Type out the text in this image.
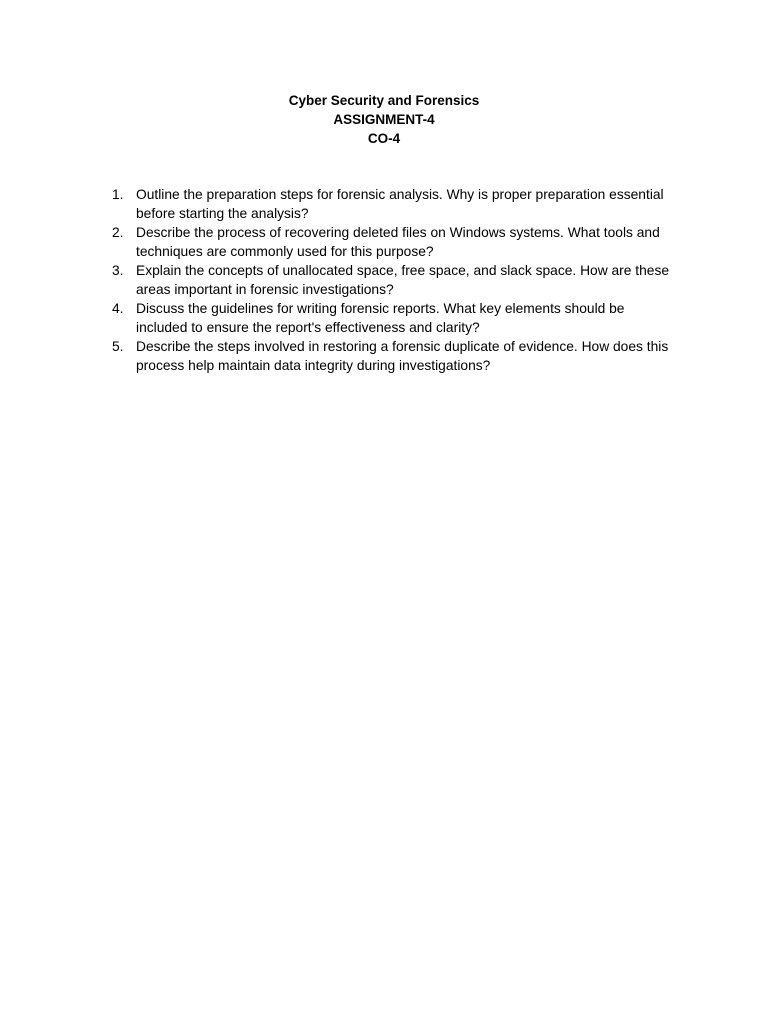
Cyber Security and Forensics
ASSIGNMENT-4
CO-4
1. Outline the preparation steps for forensic analysis. Why is proper preparation essential before starting the analysis?
2. Describe the process of recovering deleted files on Windows systems. What tools and techniques are commonly used for this purpose?
3. Explain the concepts of unallocated space, free space, and slack space. How are these areas important in forensic investigations?
4. Discuss the guidelines for writing forensic reports. What key elements should be included to ensure the report's effectiveness and clarity?
5. Describe the steps involved in restoring a forensic duplicate of evidence. How does this process help maintain data integrity during investigations?
